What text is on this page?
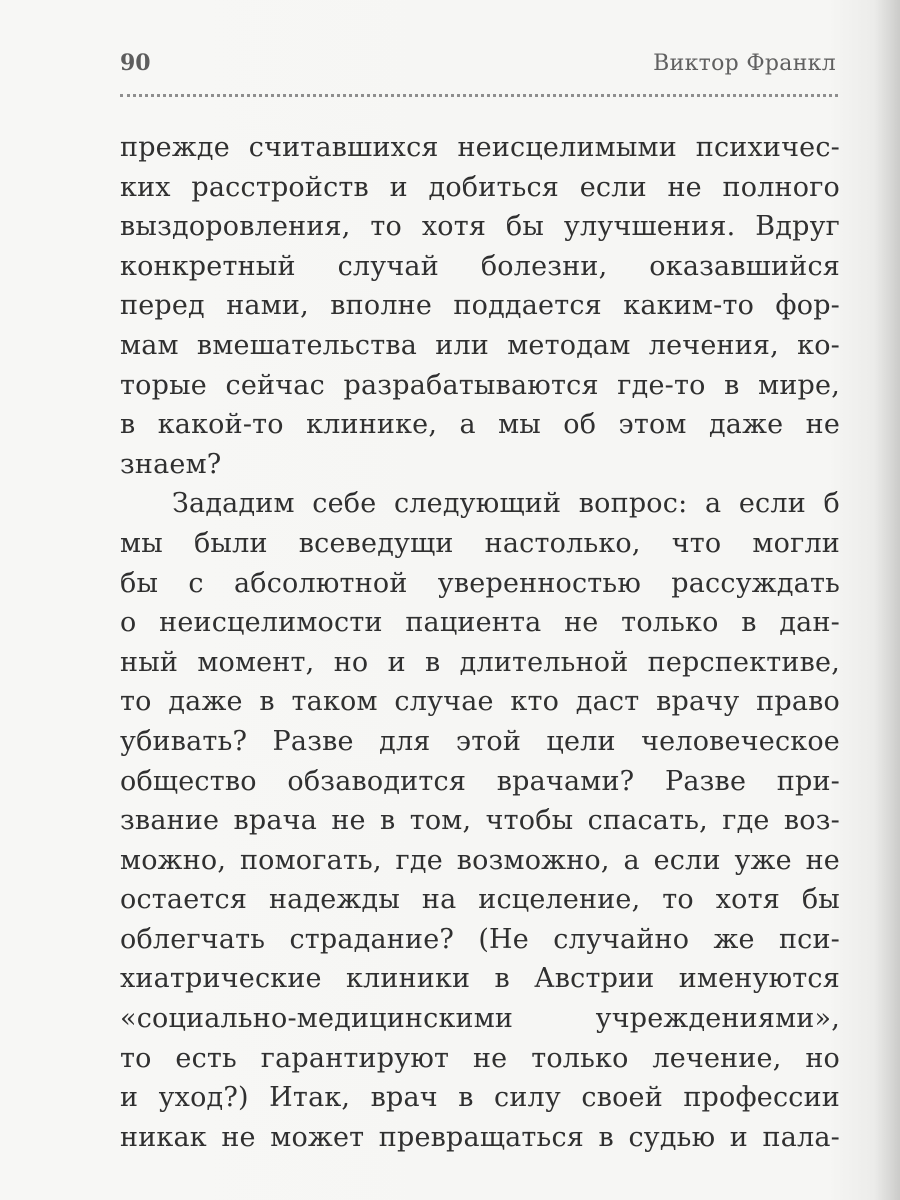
90	Виктор Франкл
прежде считавшихся неисцелимыми психичес-
ких расстройств и добиться если не полного
выздоровления, то хотя бы улучшения. Вдруг
конкретный случай болезни, оказавшийся
перед нами, вполне поддается каким-то фор-
мам вмешательства или методам лечения, ко-
торые сейчас разрабатываются где-то в мире,
в какой-то клинике, а мы об этом даже не
знаем?
Зададим себе следующий вопрос: а если б
мы были всеведущи настолько, что могли
бы с абсолютной уверенностью рассуждать
о неисцелимости пациента не только в дан-
ный момент, но и в длительной перспективе,
то даже в таком случае кто даст врачу право
убивать? Разве для этой цели человеческое
общество обзаводится врачами? Разве при-
звание врача не в том, чтобы спасать, где воз-
можно, помогать, где возможно, а если уже не
остается надежды на исцеление, то хотя бы
облегчать страдание? (Не случайно же пси-
хиатрические клиники в Австрии именуются
«социально-медицинскими учреждениями»,
то есть гарантируют не только лечение, но
и уход?) Итак, врач в силу своей профессии
никак не может превращаться в судью и пала-
